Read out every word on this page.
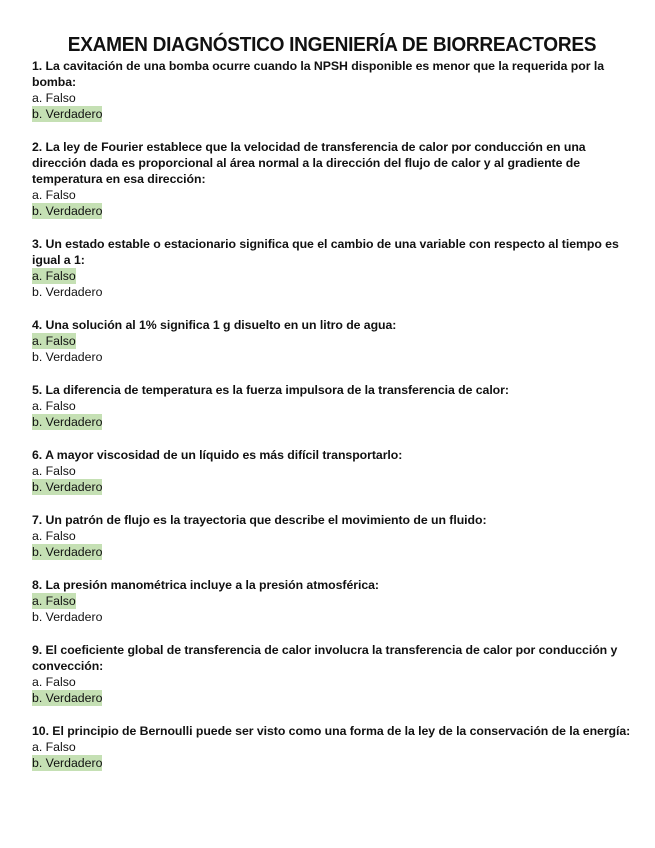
EXAMEN DIAGNÓSTICO INGENIERÍA DE BIORREACTORES
1. La cavitación de una bomba ocurre cuando la NPSH disponible es menor que la requerida por la bomba:
a. Falso
b. Verdadero
2. La ley de Fourier establece que la velocidad de transferencia de calor por conducción en una dirección dada es proporcional al área normal a la dirección del flujo de calor y al gradiente de temperatura en esa dirección:
a. Falso
b. Verdadero
3. Un estado estable o estacionario significa que el cambio de una variable con respecto al tiempo es igual a 1:
a. Falso
b. Verdadero
4. Una solución al 1% significa 1 g disuelto en un litro de agua:
a. Falso
b. Verdadero
5. La diferencia de temperatura es la fuerza impulsora de la transferencia de calor:
a. Falso
b. Verdadero
6. A mayor viscosidad de un líquido es más difícil transportarlo:
a. Falso
b. Verdadero
7. Un patrón de flujo es la trayectoria que describe el movimiento de un fluido:
a. Falso
b. Verdadero
8. La presión manométrica incluye a la presión atmosférica:
a. Falso
b. Verdadero
9. El coeficiente global de transferencia de calor involucra la transferencia de calor por conducción y convección:
a. Falso
b. Verdadero
10. El principio de Bernoulli puede ser visto como una forma de la ley de la conservación de la energía:
a. Falso
b. Verdadero
